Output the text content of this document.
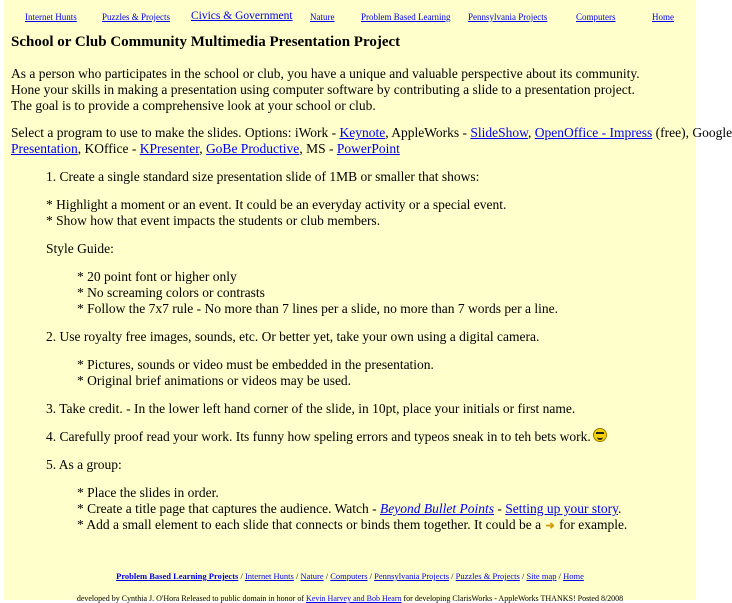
Internet Hunts	Puzzles & Projects Civics & Government Nature	Problem Based Learning Pennsylvania Projects	Computers	Home
School or Club Community Multimedia Presentation Project
As a person who participates in the school or club, you have a unique and valuable perspective about its community.
Hone your skills in making a presentation using computer software by contributing a slide to a presentation project.
The goal is to provide a comprehensive look at your school or club.
Select a program to use to make the slides. Options: iWork - Keynote, AppleWorks - SlideShow, OpenOffice - Impress (free), Google
Presentation, KOffice - KPresenter, GoBe Productive, MS - PowerPoint
1. Create a single standard size presentation slide of 1MB or smaller that shows:
* Highlight a moment or an event. It could be an everyday activity or a special event.
* Show how that event impacts the students or club members.
Style Guide:
* 20 point font or higher only
* No screaming colors or contrasts
* Follow the 7x7 rule - No more than 7 lines per a slide, no more than 7 words per a line.
2. Use royalty free images, sounds, etc. Or better yet, take your own using a digital camera.
* Pictures, sounds or video must be embedded in the presentation.
* Original brief animations or videos may be used.
3. Take credit. - In the lower left hand corner of the slide, in 10pt, place your initials or first name.
4. Carefully proof read your work. Its funny how speling errors and typeos sneak in to teh bets work.
5. As a group:
* Place the slides in order.
* Create a title page that captures the audience. Watch - Beyond Bullet Points - Setting up your story.
* Add a small element to each slide that connects or binds them together. It could be a ➜ for example.
Problem Based Learning Projects / Internet Hunts / Nature / Computers / Pennsylvania Projects / Puzzles & Projects / Site map / Home
developed by Cynthia J. O'Hora Released to public domain in honor of Kevin Harvey and Bob Hearn for developing ClarisWorks - AppleWorks THANKS! Posted 8/2008
